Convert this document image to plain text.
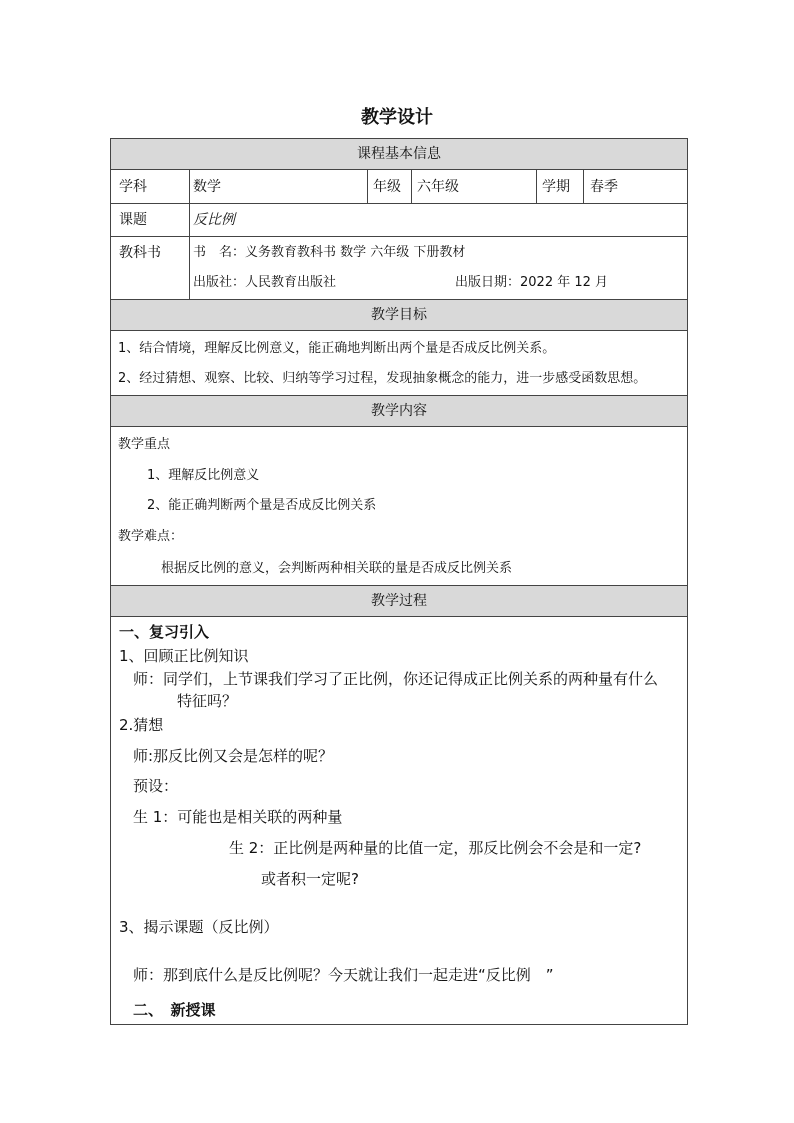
教学设计
课程基本信息
学科	数学	年级 六年级	学期 春季
课题	反比例
教科书 书　名：义务教育教科书 数学 六年级 下册教材
出版社：人民教育出版社	出版日期：2022 年 12 月
教学目标
1、结合情境，理解反比例意义，能正确地判断出两个量是否成反比例关系。
2、经过猜想、观察、比较、归纳等学习过程，发现抽象概念的能力，进一步感受函数思想。
教学内容
教学重点
1、理解反比例意义
2、能正确判断两个量是否成反比例关系
教学难点：
根据反比例的意义，会判断两种相关联的量是否成反比例关系
教学过程
一、复习引入
1、回顾正比例知识
师：同学们，上节课我们学习了正比例，你还记得成正比例关系的两种量有什么
特征吗？
2.猜想
师:那反比例又会是怎样的呢？
预设：
生 1：可能也是相关联的两种量
生 2：正比例是两种量的比值一定，那反比例会不会是和一定?
或者积一定呢?
3、揭示课题（反比例）
师：那到底什么是反比例呢？今天就让我们一起走进“反比例　”
二、　新授课
